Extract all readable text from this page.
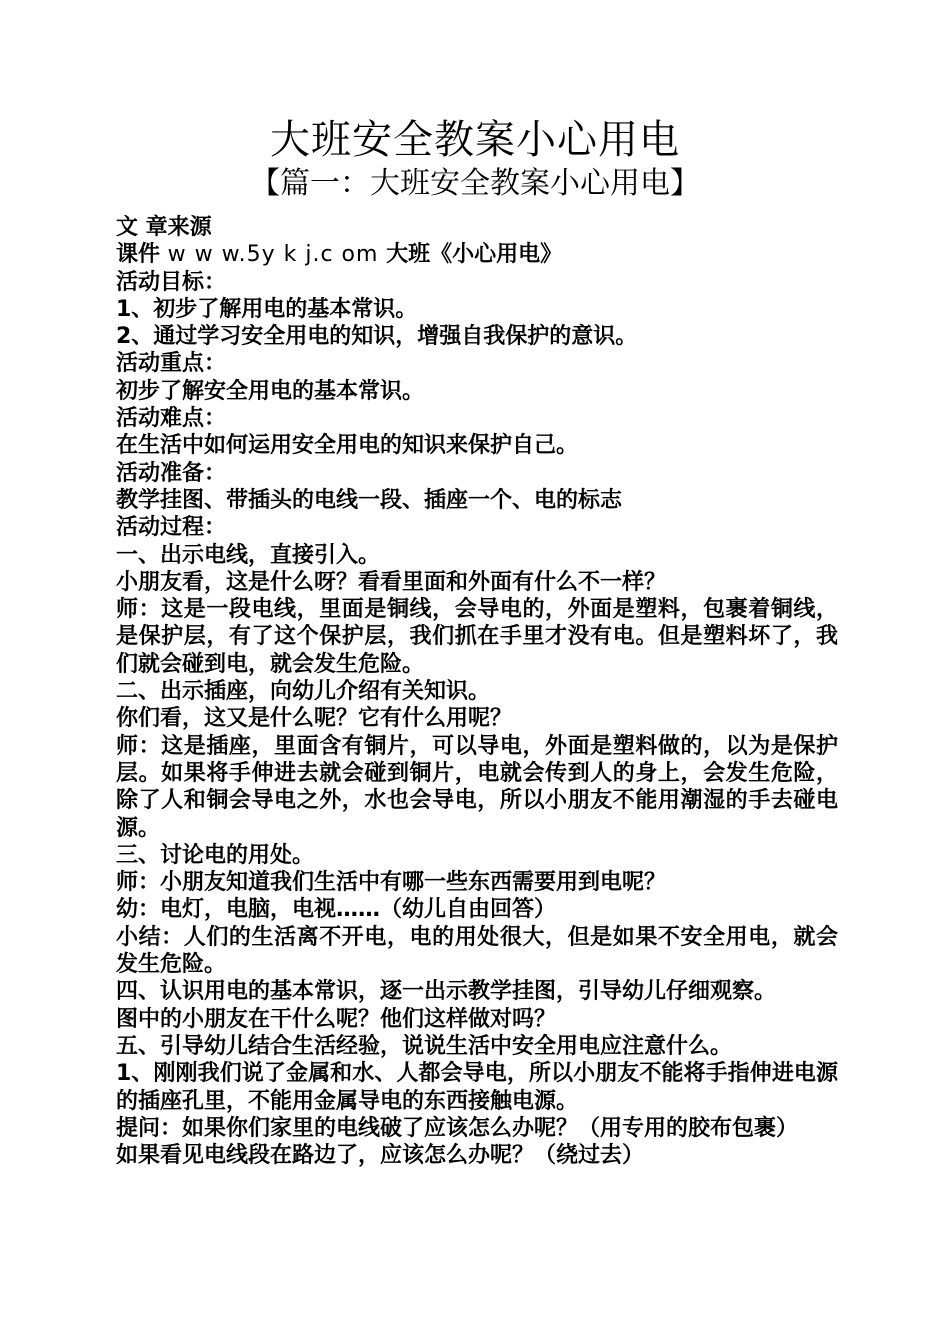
大班安全教案小心用电
【篇一：大班安全教案小心用电】
文 章来源
课件 w w w.5y k j.c om 大班《小心用电》
活动目标：
1、初步了解用电的基本常识。
2、通过学习安全用电的知识，增强自我保护的意识。
活动重点：
初步了解安全用电的基本常识。
活动难点：
在生活中如何运用安全用电的知识来保护自己。
活动准备：
教学挂图、带插头的电线一段、插座一个、电的标志
活动过程：
一、出示电线，直接引入。
小朋友看，这是什么呀？看看里面和外面有什么不一样？
师：这是一段电线，里面是铜线，会导电的，外面是塑料，包裹着铜线，是保护层，有了这个保护层，我们抓在手里才没有电。但是塑料坏了，我们就会碰到电，就会发生危险。
二、出示插座，向幼儿介绍有关知识。
你们看，这又是什么呢？它有什么用呢？
师：这是插座，里面含有铜片，可以导电，外面是塑料做的，以为是保护层。如果将手伸进去就会碰到铜片，电就会传到人的身上，会发生危险，除了人和铜会导电之外，水也会导电，所以小朋友不能用潮湿的手去碰电源。
三、讨论电的用处。
师：小朋友知道我们生活中有哪一些东西需要用到电呢？
幼：电灯，电脑，电视……（幼儿自由回答）
小结：人们的生活离不开电，电的用处很大，但是如果不安全用电，就会发生危险。
四、认识用电的基本常识，逐一出示教学挂图，引导幼儿仔细观察。
图中的小朋友在干什么呢？他们这样做对吗？
五、引导幼儿结合生活经验，说说生活中安全用电应注意什么。
1、刚刚我们说了金属和水、人都会导电，所以小朋友不能将手指伸进电源的插座孔里，不能用金属导电的东西接触电源。
提问：如果你们家里的电线破了应该怎么办呢？（用专用的胶布包裹）
如果看见电线段在路边了，应该怎么办呢？（绕过去）
